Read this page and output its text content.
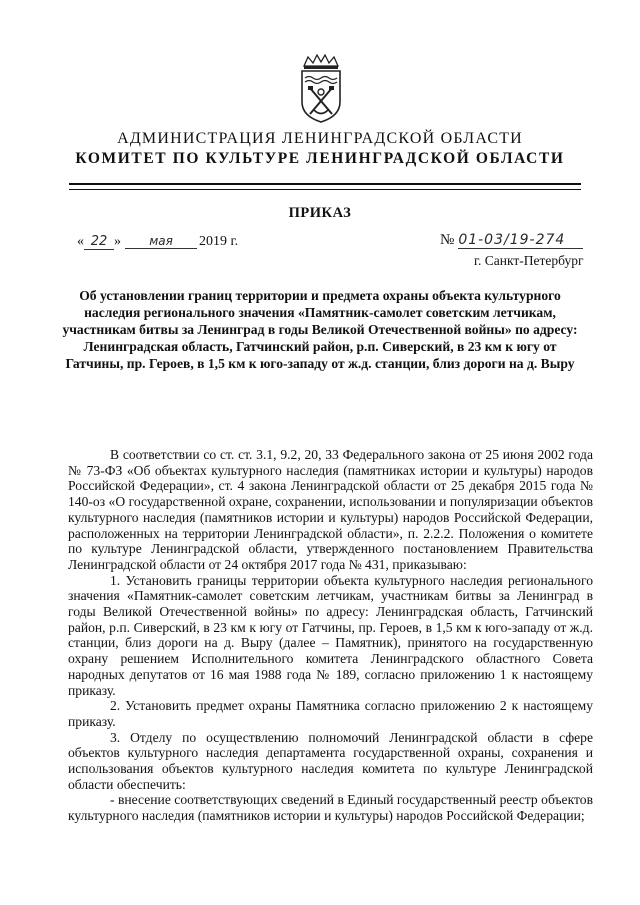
АДМИНИСТРАЦИЯ ЛЕНИНГРАДСКОЙ ОБЛАСТИ
КОМИТЕТ ПО КУЛЬТУРЕ ЛЕНИНГРАДСКОЙ ОБЛАСТИ
ПРИКАЗ
« 22 »	мая	2019 г.	№ 01-03/19-274
г. Санкт-Петербург
Об установлении границ территории и предмета охраны объекта культурного наследия регионального значения «Памятник-самолет советским летчикам, участникам битвы за Ленинград в годы Великой Отечественной войны» по адресу: Ленинградская область, Гатчинский район, р.п. Сиверский, в 23 км к югу от Гатчины, пр. Героев, в 1,5 км к юго-западу от ж.д. станции, близ дороги на д. Выру

В соответствии со ст. ст. 3.1, 9.2, 20, 33 Федерального закона от 25 июня 2002 года № 73-ФЗ «Об объектах культурного наследия (памятниках истории и культуры) народов Российской Федерации», ст. 4 закона Ленинградской области от 25 декабря 2015 года № 140-оз «О государственной охране, сохранении, использовании и популяризации объектов культурного наследия (памятников истории и культуры) народов Российской Федерации, расположенных на территории Ленинградской области», п. 2.2.2. Положения о комитете по культуре Ленинградской области, утвержденного постановлением Правительства Ленинградской области от 24 октября 2017 года № 431, приказываю:

1. Установить границы территории объекта культурного наследия регионального значения «Памятник-самолет советским летчикам, участникам битвы за Ленинград в годы Великой Отечественной войны» по адресу: Ленинградская область, Гатчинский район, р.п. Сиверский, в 23 км к югу от Гатчины, пр. Героев, в 1,5 км к юго-западу от ж.д. станции, близ дороги на д. Выру (далее – Памятник), принятого на государственную охрану решением Исполнительного комитета Ленинградского областного Совета народных депутатов от 16 мая 1988 года № 189, согласно приложению 1 к настоящему приказу.

2. Установить предмет охраны Памятника согласно приложению 2 к настоящему приказу.

3. Отделу по осуществлению полномочий Ленинградской области в сфере объектов культурного наследия департамента государственной охраны, сохранения и использования объектов культурного наследия комитета по культуре Ленинградской области обеспечить:

- внесение соответствующих сведений в Единый государственный реестр объектов культурного наследия (памятников истории и культуры) народов Российской Федерации;
